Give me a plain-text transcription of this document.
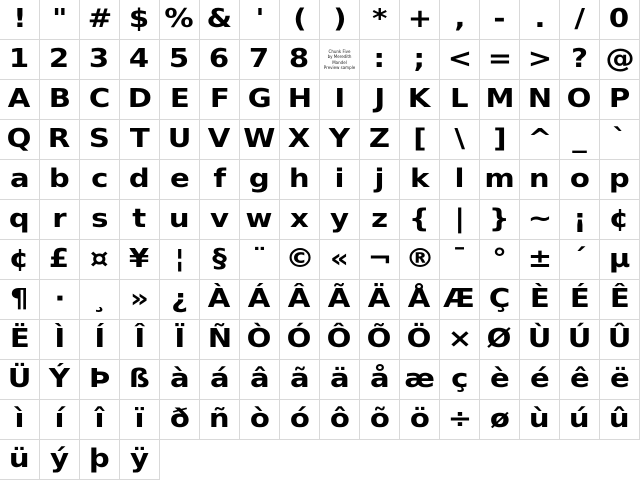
! " # $ % & ' ( ) * + , - . / 0
1 2 3 4 5 6 7 8	Chunk Five
by Meredith Mandel
Preview sample : ; < = > ? @
A B C D E F G H I J K L M N O P
Q R S T U V W X Y Z [ \ ] ^ _ `
a b c d e f g h i j k l m n o p
q r s t u v w x y z { | } ~ ¡ ¢
¢ £ ¤ ¥ ¦ § ¨ © « ¬ ® ¯ ° ± ´ µ
¶ · ¸ » ¿ À Á Â Ã Ä Å Æ Ç È É Ê
Ë Ì Í Î Ï Ñ Ò Ó Ô Õ Ö × Ø Ù Ú Û
Ü Ý Þ ß à á â ã ä å æ ç è é ê ë
ì í î ï ð ñ ò ó ô õ ö ÷ ø ù ú û
ü ý þ ÿ
